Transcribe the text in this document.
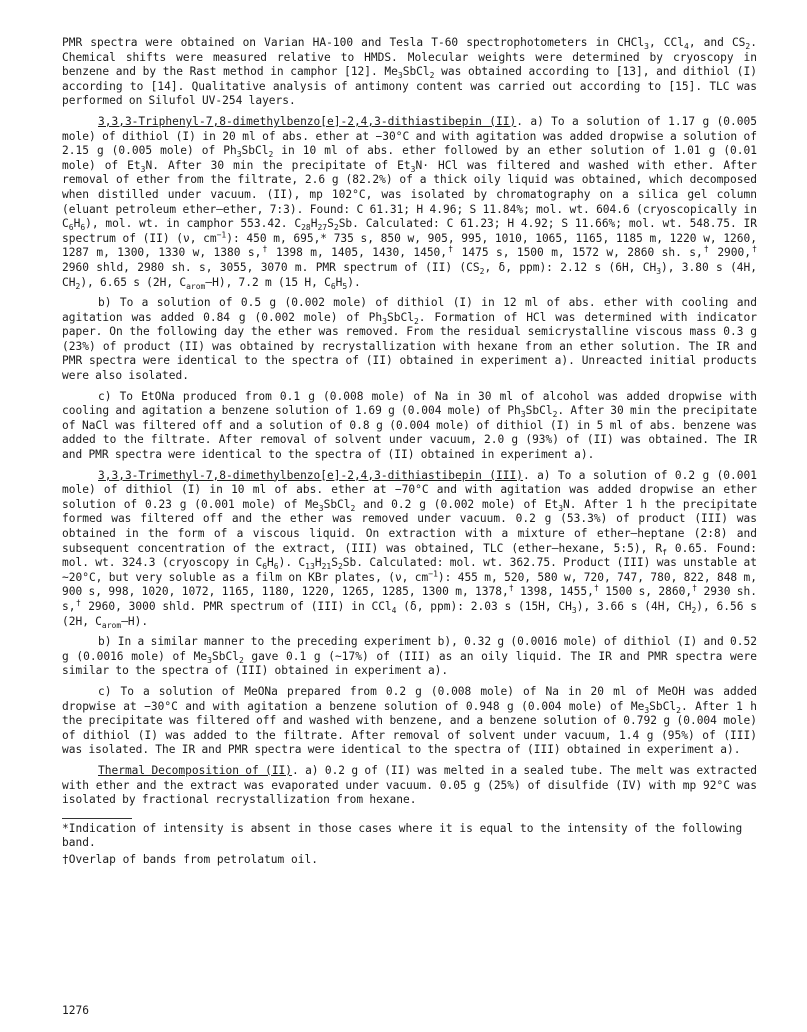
PMR spectra were obtained on Varian HA-100 and Tesla T-60 spectrophotometers in CHCl$_3$, CCl$_4$, and $CS_2$. Chemical shifts were measured relative to HMDS. Molecular weights were determined by cryoscopy in benzene and by the Rast method in camphor [12]. $Me_3SbCl_2$ was obtained according to [13], and dithiol (I) according to [14]. Qualitative analysis of antimony content was carried out according to [15]. TLC was performed on Silufol UV-254 layers.

3,3,3-Triphenyl-7,8-dimethylbenzo[e]-2,4,3-dithiastibepin (II). a) To a solution of 1.17 g (0.005 mole) of dithiol (I) in 20 ml of abs. ether at −30°C and with agitation was added dropwise a solution of 2.15 g (0.005 mole) of $Ph_3SbCl_2$ in 10 ml of abs. ether followed by an ether solution of 1.01 g (0.01 mole) of $Et_3N$. After 30 min the precipitate of $Et_3N\cdot$ HCl was filtered and washed with ether. After removal of ether from the filtrate, 2.6 g (82.2%) of a thick oily liquid was obtained, which decomposed when distilled under vacuum. (II), mp 102°C, was isolated by chromatography on a silica gel column (eluant petroleum ether—ether, 7:3). Found: C 61.31; H 4.96; S 11.84%; mol. wt. 604.6 (cryoscopically in $C_6H_6$), mol. wt. in camphor 553.42. $C_{28}H_{27}S_2Sb$. Calculated: C 61.23; H 4.92; S 11.66%; mol. wt. 548.75. IR spectrum of (II) (ν, $cm^{-1}$): 450 m, 695,* 735 s, 850 w, 905, 995, 1010, 1065, 1165, 1185 m, 1220 w, 1260, 1287 m, 1300, 1330 w, 1380 s,† 1398 m, 1405, 1430, 1450,† 1475 s, 1500 m, 1572 w, 2860 sh. s,† 2900,† 2960 shld, 2980 sh. s, 3055, 3070 m. PMR spectrum of (II) ($CS_2$, δ, ppm): 2.12 s (6H, $CH_3$), 3.80 s (4H, $CH_2$), 6.65 s (2H, $C_{arom}—H$), 7.2 m (15 H, $C_6H_5$).

b) To a solution of 0.5 g (0.002 mole) of dithiol (I) in 12 ml of abs. ether with cooling and agitation was added 0.84 g (0.002 mole) of $Ph_3SbCl_2$. Formation of HCl was determined with indicator paper. On the following day the ether was removed. From the residual semicrystalline viscous mass 0.3 g (23%) of product (II) was obtained by recrystallization with hexane from an ether solution. The IR and PMR spectra were identical to the spectra of (II) obtained in experiment a). Unreacted initial products were also isolated.

c) To EtONa produced from 0.1 g (0.008 mole) of Na in 30 ml of alcohol was added dropwise with cooling and agitation a benzene solution of 1.69 g (0.004 mole) of $Ph_3SbCl_2$. After 30 min the precipitate of NaCl was filtered off and a solution of 0.8 g (0.004 mole) of dithiol (I) in 5 ml of abs. benzene was added to the filtrate. After removal of solvent under vacuum, 2.0 g (93%) of (II) was obtained. The IR and PMR spectra were identical to the spectra of (II) obtained in experiment a).

3,3,3-Trimethyl-7,8-dimethylbenzo[e]-2,4,3-dithiastibepin (III). a) To a solution of 0.2 g (0.001 mole) of dithiol (I) in 10 ml of abs. ether at −70°C and with agitation was added dropwise an ether solution of 0.23 g (0.001 mole) of $Me_3SbCl_2$ and 0.2 g (0.002 mole) of $Et_3N$. After 1 h the precipitate formed was filtered off and the ether was removed under vacuum. 0.2 g (53.3%) of product (III) was obtained in the form of a viscous liquid. On extraction with a mixture of ether—heptane (2:8) and subsequent concentration of the extract, (III) was obtained, TLC (ether—hexane, 5:5), $R_f$ 0.65. Found: mol. wt. 324.3 (cryoscopy in $C_6H_6$). $C_{13}H_{21}S_2Sb$. Calculated: mol. wt. 362.75. Product (III) was unstable at ~20°C, but very soluble as a film on KBr plates, (ν, $cm^{-1}$): 455 m, 520, 580 w, 720, 747, 780, 822, 848 m, 900 s, 998, 1020, 1072, 1165, 1180, 1220, 1265, 1285, 1300 m, 1378,† 1398, 1455,† 1500 s, 2860,† 2930 sh. s,† 2960, 3000 shld. PMR spectrum of (III) in CCl$_4$ (δ, ppm): 2.03 s (15H, $CH_3$), 3.66 s (4H, $CH_2$), 6.56 s (2H, $C_{arom}—H$).

b) In a similar manner to the preceding experiment b), 0.32 g (0.0016 mole) of dithiol (I) and 0.52 g (0.0016 mole) of $Me_3SbCl_2$ gave 0.1 g (~17%) of (III) as an oily liquid. The IR and PMR spectra were similar to the spectra of (III) obtained in experiment a).

c) To a solution of MeONa prepared from 0.2 g (0.008 mole) of Na in 20 ml of MeOH was added dropwise at −30°C and with agitation a benzene solution of 0.948 g (0.004 mole) of $Me_3SbCl_2$. After 1 h the precipitate was filtered off and washed with benzene, and a benzene solution of 0.792 g (0.004 mole) of dithiol (I) was added to the filtrate. After removal of solvent under vacuum, 1.4 g (95%) of (III) was isolated. The IR and PMR spectra were identical to the spectra of (III) obtained in experiment a).

Thermal Decomposition of (II). a) 0.2 g of (II) was melted in a sealed tube. The melt was extracted with ether and the extract was evaporated under vacuum. 0.05 g (25%) of disulfide (IV) with mp 92°C was isolated by fractional recrystallization from hexane.

*Indication of intensity is absent in those cases where it is equal to the intensity of the following band.

†Overlap of bands from petrolatum oil.

1276
